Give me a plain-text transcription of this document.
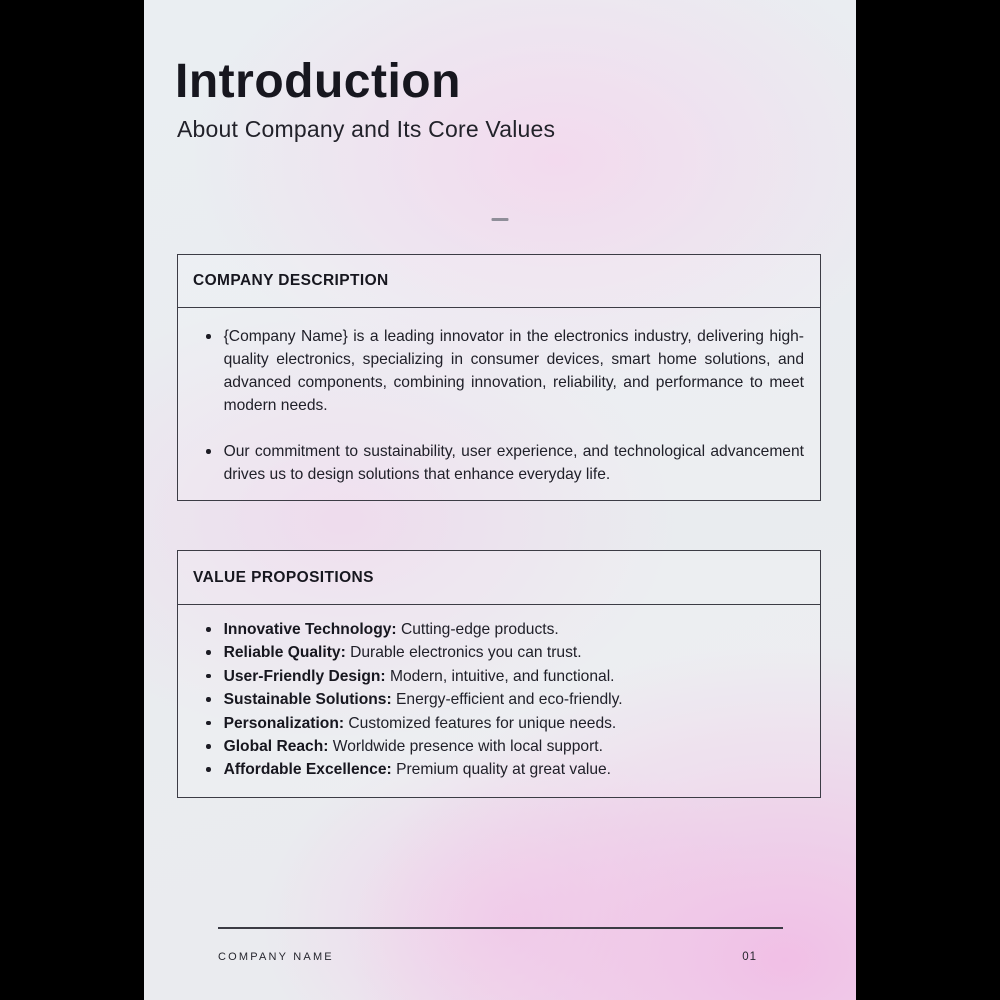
Introduction
About Company and Its Core Values
COMPANY DESCRIPTION
{Company Name} is a leading innovator in the electronics industry, delivering high-quality electronics, specializing in consumer devices, smart home solutions, and advanced components, combining innovation, reliability, and performance to meet modern needs.
Our commitment to sustainability, user experience, and technological advancement drives us to design solutions that enhance everyday life.
VALUE PROPOSITIONS
Innovative Technology: Cutting-edge products.
Reliable Quality: Durable electronics you can trust.
User-Friendly Design: Modern, intuitive, and functional.
Sustainable Solutions: Energy-efficient and eco-friendly.
Personalization: Customized features for unique needs.
Global Reach: Worldwide presence with local support.
Affordable Excellence: Premium quality at great value.
COMPANY NAME	01
